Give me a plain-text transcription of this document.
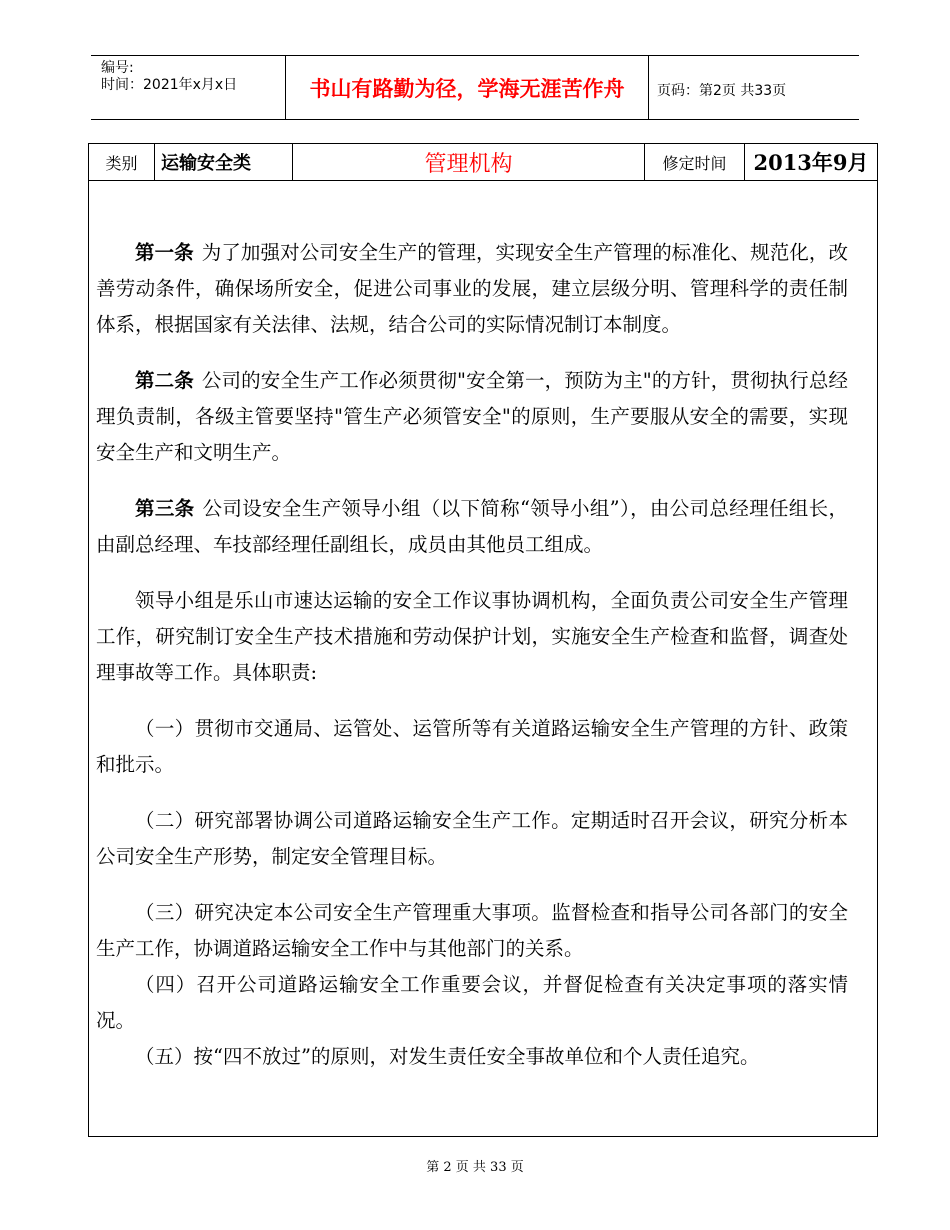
编号:
时间：2021年x月x日	书山有路勤为径，学海无涯苦作舟	页码：第2页 共33页
类别	运输安全类	管理机构	修定时间	2013年9月

第一条 为了加强对公司安全生产的管理，实现安全生产管理的标准化、规范化，改善劳动条件，确保场所安全，促进公司事业的发展，建立层级分明、管理科学的责任制体系，根据国家有关法律、法规，结合公司的实际情况制订本制度。

第二条 公司的安全生产工作必须贯彻"安全第一，预防为主"的方针，贯彻执行总经理负责制，各级主管要坚持"管生产必须管安全"的原则，生产要服从安全的需要，实现安全生产和文明生产。

第三条 公司设安全生产领导小组（以下简称“领导小组”），由公司总经理任组长，由副总经理、车技部经理任副组长，成员由其他员工组成。

领导小组是乐山市速达运输的安全工作议事协调机构，全面负责公司安全生产管理工作，研究制订安全生产技术措施和劳动保护计划，实施安全生产检查和监督，调查处理事故等工作。具体职责:

（一）贯彻市交通局、运管处、运管所等有关道路运输安全生产管理的方针、政策和批示。

（二）研究部署协调公司道路运输安全生产工作。定期适时召开会议，研究分析本公司安全生产形势，制定安全管理目标。

（三）研究决定本公司安全生产管理重大事项。监督检查和指导公司各部门的安全生产工作，协调道路运输安全工作中与其他部门的关系。

（四）召开公司道路运输安全工作重要会议，并督促检查有关决定事项的落实情况。

（五）按“四不放过”的原则，对发生责任安全事故单位和个人责任追究。

第 2 页 共 33 页
